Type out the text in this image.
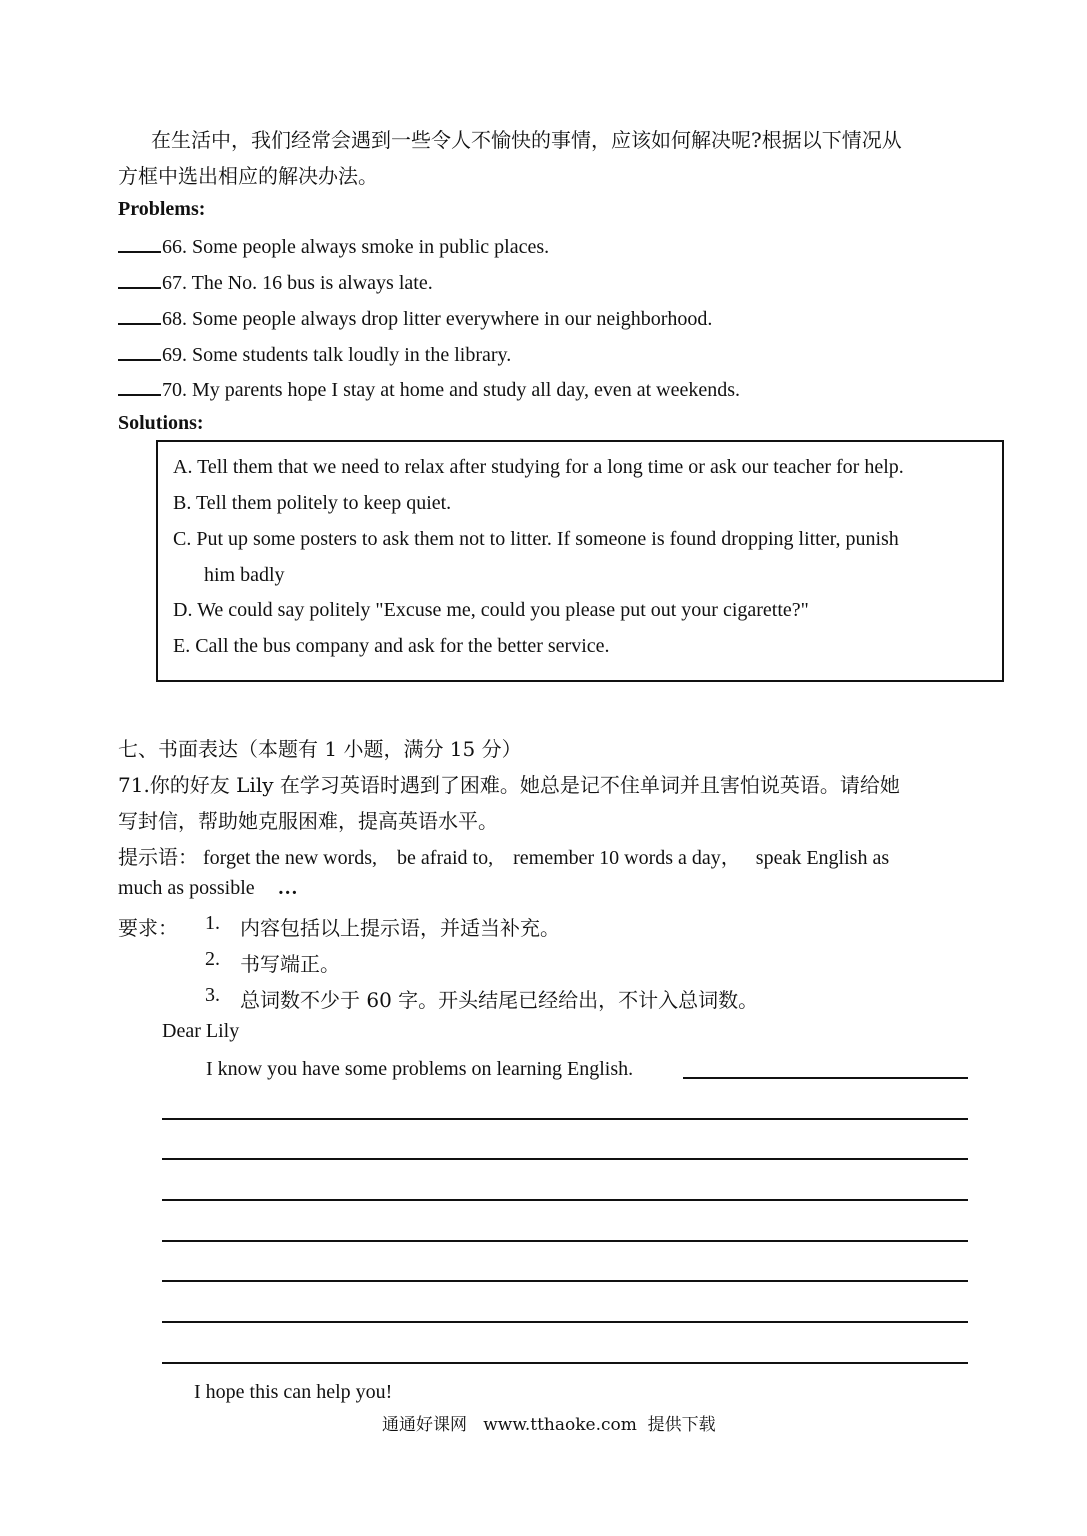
在生活中，我们经常会遇到一些令人不愉快的事情，应该如何解决呢?根据以下情况从
方框中选出相应的解决办法。
Problems:
66. Some people always smoke in public places.
67. The No. 16 bus is always late.
68. Some people always drop litter everywhere in our neighborhood.
69. Some students talk loudly in the library.
70. My parents hope I stay at home and study all day, even at weekends.
Solutions:
A. Tell them that we need to relax after studying for a long time or ask our teacher for help.
B. Tell them politely to keep quiet.
C. Put up some posters to ask them not to litter. If someone is found dropping litter, punish
him badly
D. We could say politely "Excuse me, could you please put out your cigarette?"
E. Call the bus company and ask for the better service.
七、书面表达（本题有 1 小题，满分 15 分）
71.你的好友 Lily 在学习英语时遇到了困难。她总是记不住单词并且害怕说英语。请给她
写封信，帮助她克服困难，提高英语水平。
提示语： forget the new words,    be afraid to,    remember 10 words a day，   speak English as
much as possible …
要求： 1. 内容包括以上提示语，并适当补充。
2. 书写端正。
3. 总词数不少于 60 字。开头结尾已经给出，不计入总词数。
Dear Lily
I know you have some problems on learning English.
I hope this can help you!
通通好课网   www.tthaoke.com  提供下载
